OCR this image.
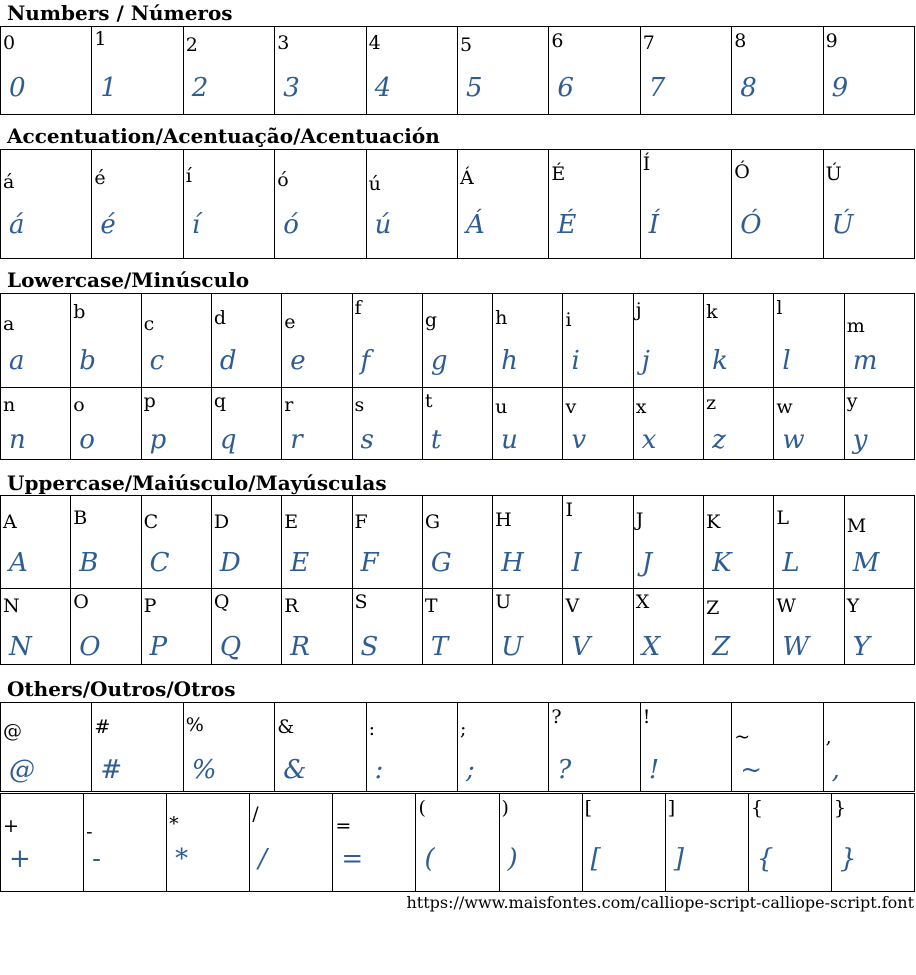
Numbers / Números
Accentuation/Acentuação/Acentuación
Lowercase/Minúsculo
Uppercase/Maiúsculo/Mayúsculas
Others/Outros/Otros
0
0
1
1
2
2
3
3
4
4
5
5
6
6
7
7
8
8
9
9
á
á
é
é
í
í
ó
ó
ú
ú
Á
Á
É
É
Í
Í
Ó
Ó
Ú
Ú
a
a
b
b
c
c
d
d
e
e
f
f
g
g
h
h
i
i
j
j
k
k
l
l
m
m
n
n
o
o
p
p
q
q
r
r
s
s
t
t
u
u
v
v
x
x
z
z
w
w
y
y
A
A
B
B
C
C
D
D
E
E
F
F
G
G
H
H
I
I
J
J
K
K
L
L
M
M
N
N
O
O
P
P
Q
Q
R
R
S
S
T
T
U
U
V
V
X
X
Z
Z
W
W
Y
Y
@
@
#
#
%
%
&
&
:
:
;
;
?
?
!
!
~
~
,
,
+
+
-
-
*
*
/
/
=
=
(
(
)
)
[
[
]
]
{
{
}
}
https://www.maisfontes.com/calliope-script-calliope-script.font
